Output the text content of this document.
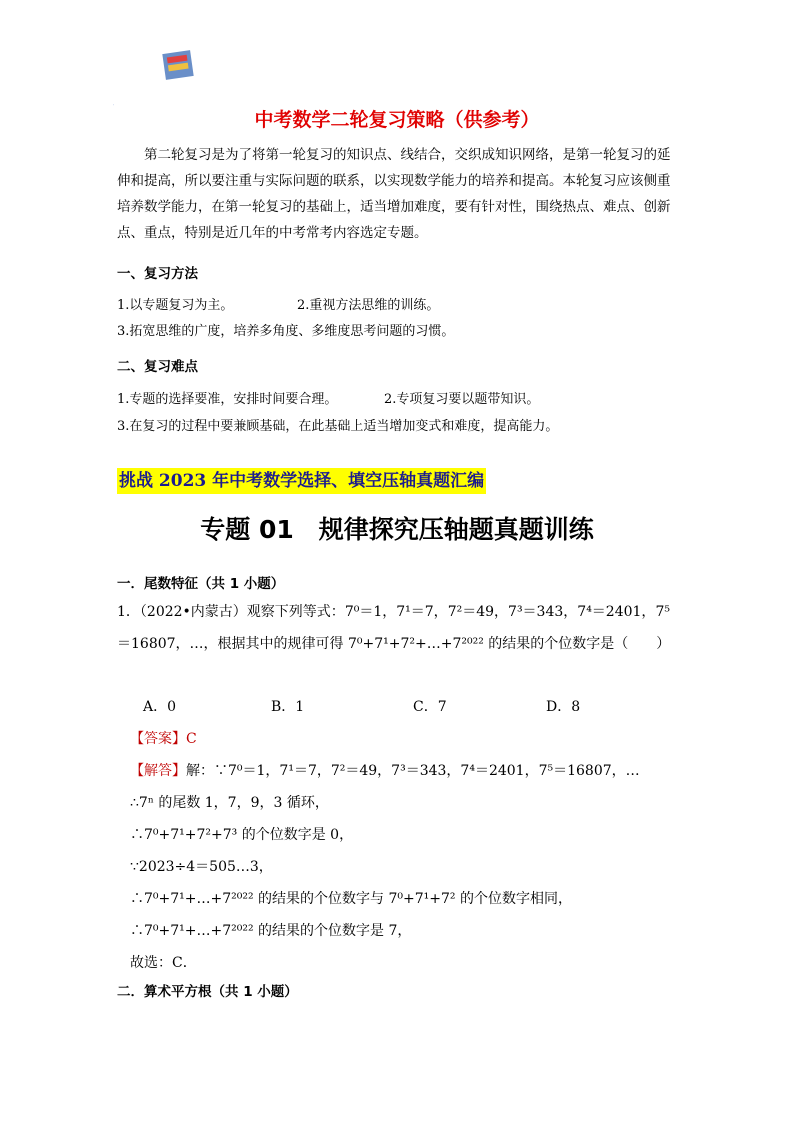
中 考
倒计时	中考数学二轮复习策略（供参考）
第二轮复习是为了将第一轮复习的知识点、线结合，交织成知识网络，是第一轮复习的延伸和提高，所以要注重与实际问题的联系，以实现数学能力的培养和提高。本轮复习应该侧重培养数学能力，在第一轮复习的基础上，适当增加难度，要有针对性，围绕热点、难点、创新点、重点，特别是近几年的中考常考内容选定专题。
一、复习方法
1.以专题复习为主。	2.重视方法思维的训练。
3.拓宽思维的广度，培养多角度、多维度思考问题的习惯。
二、复习难点
1.专题的选择要准，安排时间要合理。	2.专项复习要以题带知识。
3.在复习的过程中要兼顾基础，在此基础上适当增加变式和难度，提高能力。
挑战 2023 年中考数学选择、填空压轴真题汇编
专题 01　规律探究压轴题真题训练
一．尾数特征（共 1 小题）
1．（2022•内蒙古）观察下列等式：7⁰＝1，7¹＝7，7²＝49，7³＝343，7⁴＝2401，7⁵＝16807，…，根据其中的规律可得 7⁰+7¹+7²+…+7²⁰²² 的结果的个位数字是（　　）
A．0	B．1	C．7	D．8
【答案】C
【解答】解：∵7⁰＝1，7¹＝7，7²＝49，7³＝343，7⁴＝2401，7⁵＝16807，…
∴7ⁿ 的尾数 1，7，9，3 循环，
∴7⁰+7¹+7²+7³ 的个位数字是 0，
∵2023÷4＝505…3，
∴7⁰+7¹+…+7²⁰²² 的结果的个位数字与 7⁰+7¹+7² 的个位数字相同，
∴7⁰+7¹+…+7²⁰²² 的结果的个位数字是 7，
故选：C．
二．算术平方根（共 1 小题）
